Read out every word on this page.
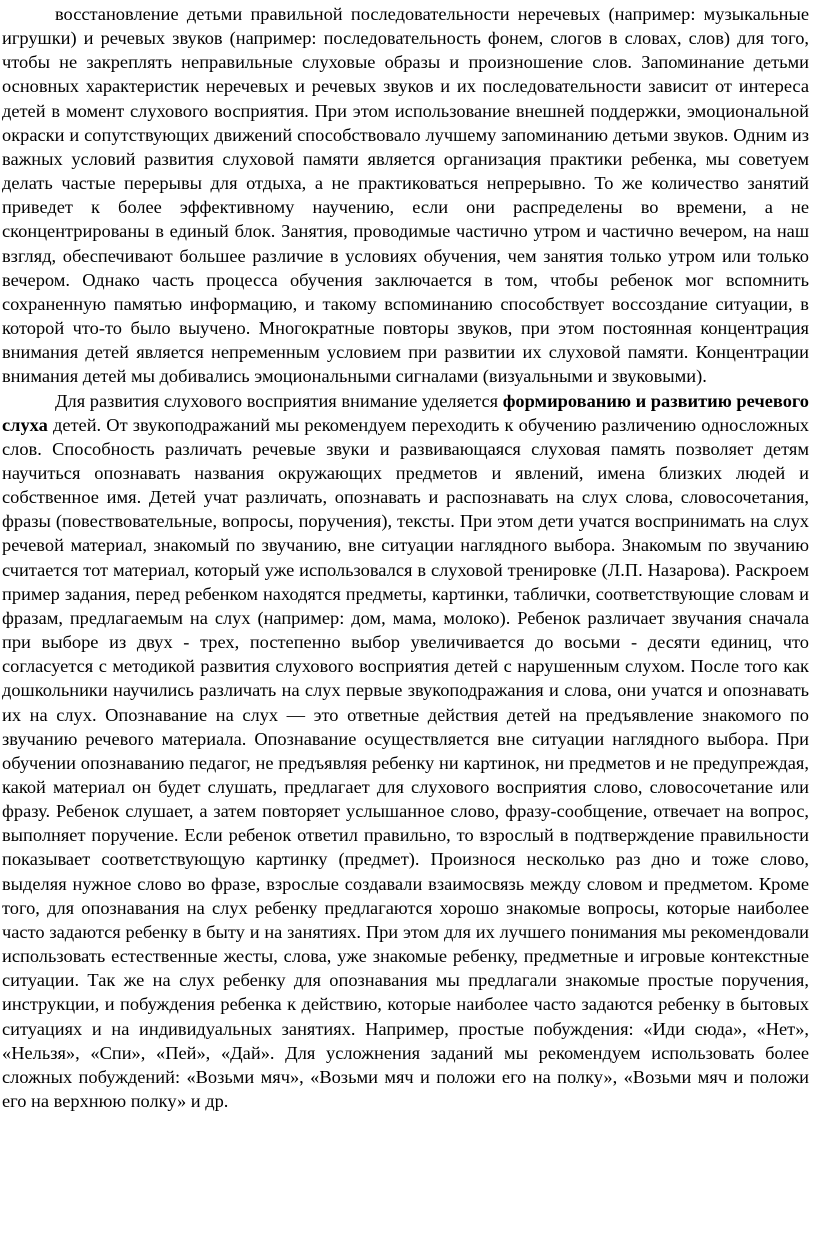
восстановление детьми правильной последовательности неречевых (например: музыкальные игрушки) и речевых звуков (например: последовательность фонем, слогов в словах, слов) для того, чтобы не закреплять неправильные слуховые образы и произношение слов. Запоминание детьми основных характеристик неречевых и речевых звуков и их последовательности зависит от интереса детей в момент слухового восприятия. При этом использование внешней поддержки, эмоциональной окраски и сопутствующих движений способствовало лучшему запоминанию детьми звуков. Одним из важных условий развития слуховой памяти является организация практики ребенка, мы советуем делать частые перерывы для отдыха, а не практиковаться непрерывно. То же количество занятий приведет к более эффективному научению, если они распределены во времени, а не сконцентрированы в единый блок. Занятия, проводимые частично утром и частично вечером, на наш взгляд, обеспечивают большее различие в условиях обучения, чем занятия только утром или только вечером. Однако часть процесса обучения заключается в том, чтобы ребенок мог вспомнить сохраненную памятью информацию, и такому вспоминанию способствует воссоздание ситуации, в которой что-то было выучено. Многократные повторы звуков, при этом постоянная концентрация внимания детей является непременным условием при развитии их слуховой памяти. Концентрации внимания детей мы добивались эмоциональными сигналами (визуальными и звуковыми).

Для развития слухового восприятия внимание уделяется формированию и развитию речевого слуха детей. От звукоподражаний мы рекомендуем переходить к обучению различению односложных слов. Способность различать речевые звуки и развивающаяся слуховая память позволяет детям научиться опознавать названия окружающих предметов и явлений, имена близких людей и собственное имя. Детей учат различать, опознавать и распознавать на слух слова, словосочетания, фразы (повествовательные, вопросы, поручения), тексты. При этом дети учатся воспринимать на слух речевой материал, знакомый по звучанию, вне ситуации наглядного выбора. Знакомым по звучанию считается тот материал, который уже использовался в слуховой тренировке (Л.П. Назарова). Раскроем пример задания, перед ребенком находятся предметы, картинки, таблички, соответствующие словам и фразам, предлагаемым на слух (например: дом, мама, молоко). Ребенок различает звучания сначала при выборе из двух - трех, постепенно выбор увеличивается до восьми - десяти единиц, что согласуется с методикой развития слухового восприятия детей с нарушенным слухом. После того как дошкольники научились различать на слух первые звукоподражания и слова, они учатся и опознавать их на слух. Опознавание на слух — это ответные действия детей на предъявление знакомого по звучанию речевого материала. Опознавание осуществляется вне ситуации наглядного выбора. При обучении опознаванию педагог, не предъявляя ребенку ни картинок, ни предметов и не предупреждая, какой материал он будет слушать, предлагает для слухового восприятия слово, словосочетание или фразу. Ребенок слушает, а затем повторяет услышанное слово, фразу-сообщение, отвечает на вопрос, выполняет поручение. Если ребенок ответил правильно, то взрослый в подтверждение правильности показывает соответствующую картинку (предмет). Произнося несколько раз дно и тоже слово, выделяя нужное слово во фразе, взрослые создавали взаимосвязь между словом и предметом. Кроме того, для опознавания на слух ребенку предлагаются хорошо знакомые вопросы, которые наиболее часто задаются ребенку в быту и на занятиях. При этом для их лучшего понимания мы рекомендовали использовать естественные жесты, слова, уже знакомые ребенку, предметные и игровые контекстные ситуации. Так же на слух ребенку для опознавания мы предлагали знакомые простые поручения, инструкции, и побуждения ребенка к действию, которые наиболее часто задаются ребенку в бытовых ситуациях и на индивидуальных занятиях. Например, простые побуждения: «Иди сюда», «Нет», «Нельзя», «Спи», «Пей», «Дай». Для усложнения заданий мы рекомендуем использовать более сложных побуждений: «Возьми мяч», «Возьми мяч и положи его на полку», «Возьми мяч и положи его на верхнюю полку» и др.
